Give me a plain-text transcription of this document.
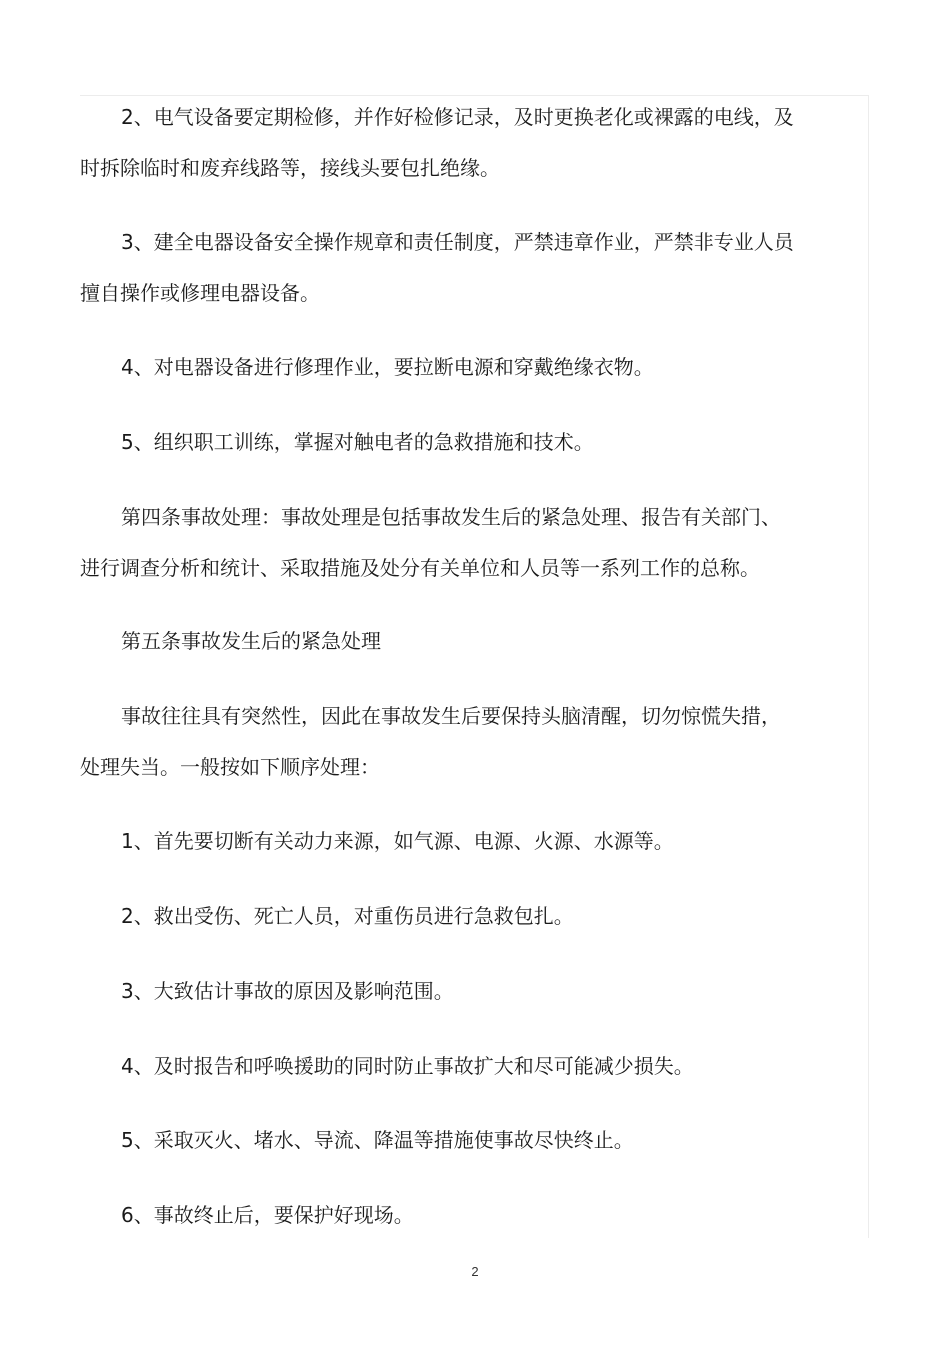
2、电气设备要定期检修，并作好检修记录，及时更换老化或裸露的电线，及
时拆除临时和废弃线路等，接线头要包扎绝缘。

3、建全电器设备安全操作规章和责任制度，严禁违章作业，严禁非专业人员
擅自操作或修理电器设备。

4、对电器设备进行修理作业，要拉断电源和穿戴绝缘衣物。

5、组织职工训练，掌握对触电者的急救措施和技术。

第四条事故处理：事故处理是包括事故发生后的紧急处理、报告有关部门、
进行调查分析和统计、采取措施及处分有关单位和人员等一系列工作的总称。

第五条事故发生后的紧急处理

事故往往具有突然性，因此在事故发生后要保持头脑清醒，切勿惊慌失措，
处理失当。一般按如下顺序处理：

1、首先要切断有关动力来源，如气源、电源、火源、水源等。

2、救出受伤、死亡人员，对重伤员进行急救包扎。

3、大致估计事故的原因及影响范围。

4、及时报告和呼唤援助的同时防止事故扩大和尽可能减少损失。

5、采取灭火、堵水、导流、降温等措施使事故尽快终止。

6、事故终止后，要保护好现场。

2
